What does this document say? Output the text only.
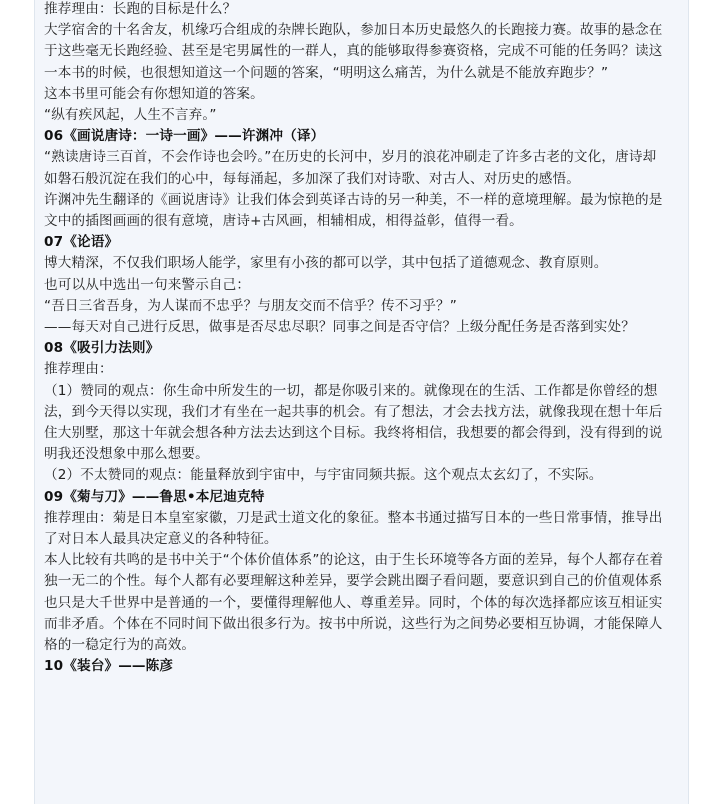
推荐理由：长跑的目标是什么？

大学宿舍的十名舍友，机缘巧合组成的杂牌长跑队，参加日本历史最悠久的长跑接力赛。故事的悬念在于这些毫无长跑经验、甚至是宅男属性的一群人，真的能够取得参赛资格，完成不可能的任务吗？读这一本书的时候，也很想知道这一个问题的答案，“明明这么痛苦，为什么就是不能放弃跑步？”

这本书里可能会有你想知道的答案。

“纵有疾风起，人生不言弃。”

06《画说唐诗：一诗一画》——许渊冲（译）

“熟读唐诗三百首，不会作诗也会吟。”在历史的长河中，岁月的浪花冲刷走了许多古老的文化，唐诗却如磐石般沉淀在我们的心中，每每涌起，多加深了我们对诗歌、对古人、对历史的感悟。

许渊冲先生翻译的《画说唐诗》让我们体会到英译古诗的另一种美，不一样的意境理解。最为惊艳的是文中的插图画画的很有意境，唐诗+古风画，相辅相成，相得益彰，值得一看。

07《论语》

博大精深，不仅我们职场人能学，家里有小孩的都可以学，其中包括了道德观念、教育原则。

也可以从中选出一句来警示自己：

“吾日三省吾身，为人谋而不忠乎？与朋友交而不信乎？传不习乎？”

——每天对自己进行反思，做事是否尽忠尽职？同事之间是否守信？上级分配任务是否落到实处？

08《吸引力法则》

推荐理由：

（1）赞同的观点：你生命中所发生的一切，都是你吸引来的。就像现在的生活、工作都是你曾经的想法，到今天得以实现，我们才有坐在一起共事的机会。有了想法，才会去找方法，就像我现在想十年后住大别墅，那这十年就会想各种方法去达到这个目标。我终将相信，我想要的都会得到，没有得到的说明我还没想象中那么想要。

（2）不太赞同的观点：能量释放到宇宙中，与宇宙同频共振。这个观点太玄幻了，不实际。

09《菊与刀》——鲁思•本尼迪克特

推荐理由：菊是日本皇室家徽，刀是武士道文化的象征。整本书通过描写日本的一些日常事情，推导出了对日本人最具决定意义的各种特征。

本人比较有共鸣的是书中关于“个体价值体系”的论这，由于生长环境等各方面的差异，每个人都存在着独一无二的个性。每个人都有必要理解这种差异，要学会跳出圈子看问题，要意识到自己的价值观体系也只是大千世界中是普通的一个，要懂得理解他人、尊重差异。同时，个体的每次选择都应该互相证实而非矛盾。个体在不同时间下做出很多行为。按书中所说，这些行为之间势必要相互协调，才能保障人格的一稳定行为的高效。

10《装台》——陈彦
